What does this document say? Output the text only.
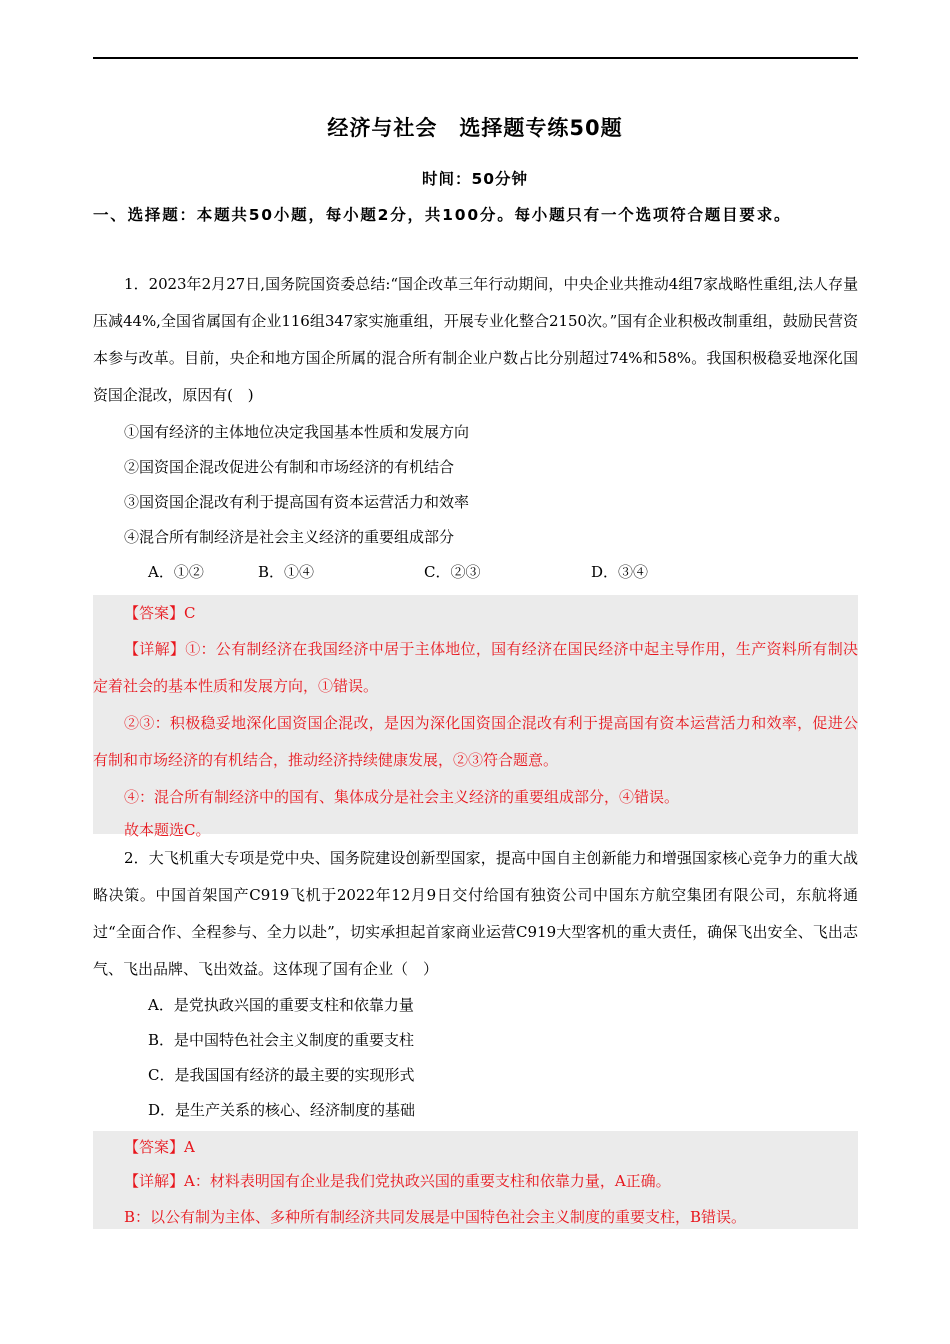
经济与社会　选择题专练50题
时间：50分钟
一、选择题：本题共50小题，每小题2分，共100分。每小题只有一个选项符合题目要求。

1．2023年2月27日,国务院国资委总结:“国企改革三年行动期间，中央企业共推动4组7家战略性重组,法人存量压减44%,全国省属国有企业116组347家实施重组，开展专业化整合2150次。”国有企业积极改制重组，鼓励民营资本参与改革。目前，央企和地方国企所属的混合所有制企业户数占比分别超过74%和58%。我国积极稳妥地深化国资国企混改，原因有(　)

①国有经济的主体地位决定我国基本性质和发展方向

②国资国企混改促进公有制和市场经济的有机结合

③国资国企混改有利于提高国有资本运营活力和效率

④混合所有制经济是社会主义经济的重要组成部分

A．①②	B．①④	C．②③	D．③④

【答案】C

【详解】①：公有制经济在我国经济中居于主体地位，国有经济在国民经济中起主导作用，生产资料所有制决定着社会的基本性质和发展方向，①错误。

②③：积极稳妥地深化国资国企混改，是因为深化国资国企混改有利于提高国有资本运营活力和效率，促进公有制和市场经济的有机结合，推动经济持续健康发展，②③符合题意。

④：混合所有制经济中的国有、集体成分是社会主义经济的重要组成部分，④错误。

故本题选C。

2．大飞机重大专项是党中央、国务院建设创新型国家，提高中国自主创新能力和增强国家核心竞争力的重大战略决策。中国首架国产C919飞机于2022年12月9日交付给国有独资公司中国东方航空集团有限公司，东航将通过“全面合作、全程参与、全力以赴”，切实承担起首家商业运营C919大型客机的重大责任，确保飞出安全、飞出志气、飞出品牌、飞出效益。这体现了国有企业（　）

A．是党执政兴国的重要支柱和依靠力量

B．是中国特色社会主义制度的重要支柱

C．是我国国有经济的最主要的实现形式

D．是生产关系的核心、经济制度的基础

【答案】A

【详解】A：材料表明国有企业是我们党执政兴国的重要支柱和依靠力量，A正确。

B：以公有制为主体、多种所有制经济共同发展是中国特色社会主义制度的重要支柱，B错误。
